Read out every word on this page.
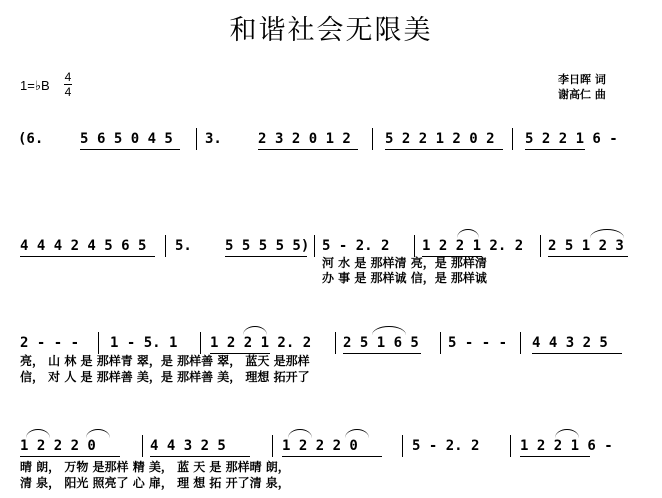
和谐社会无限美
1=♭B
4
4
李日晖 词
谢高仁 曲
(6.	5 6 5 0 4 5 3.	2 3 2 0 1 2 5 2 2 1 2 0 2 5 2 2 1 6 -
4 4 4 2 4 5 6 5 5. 5 5 5 5 5) 5 - 2. 2 1 2 2 1 2. 2 2 5 1 2 3
河 水 是 那样清 亮，是 那样清
办 事 是 那样诚 信，是 那样诚
2 - - - 1 - 5. 1 1 2 2 1 2. 2 2 5 1 6 5 5 - - - 4 4 3 2 5
亮， 山 林 是 那样青 翠，是 那样善 翠， 蓝天 是那样
信， 对 人 是 那样善 美，是 那样善 美， 理想 拓开了
1 2 2 2 0	4 4 3 2 5	1 2 2 2 0	5 - 2. 2	1 2 2 1 6 -
晴 朗， 万物 是那样 精 美， 蓝 天 是 那样晴 朗，
清 泉， 阳光 照亮了 心 扉， 理 想 拓 开了清 泉，
